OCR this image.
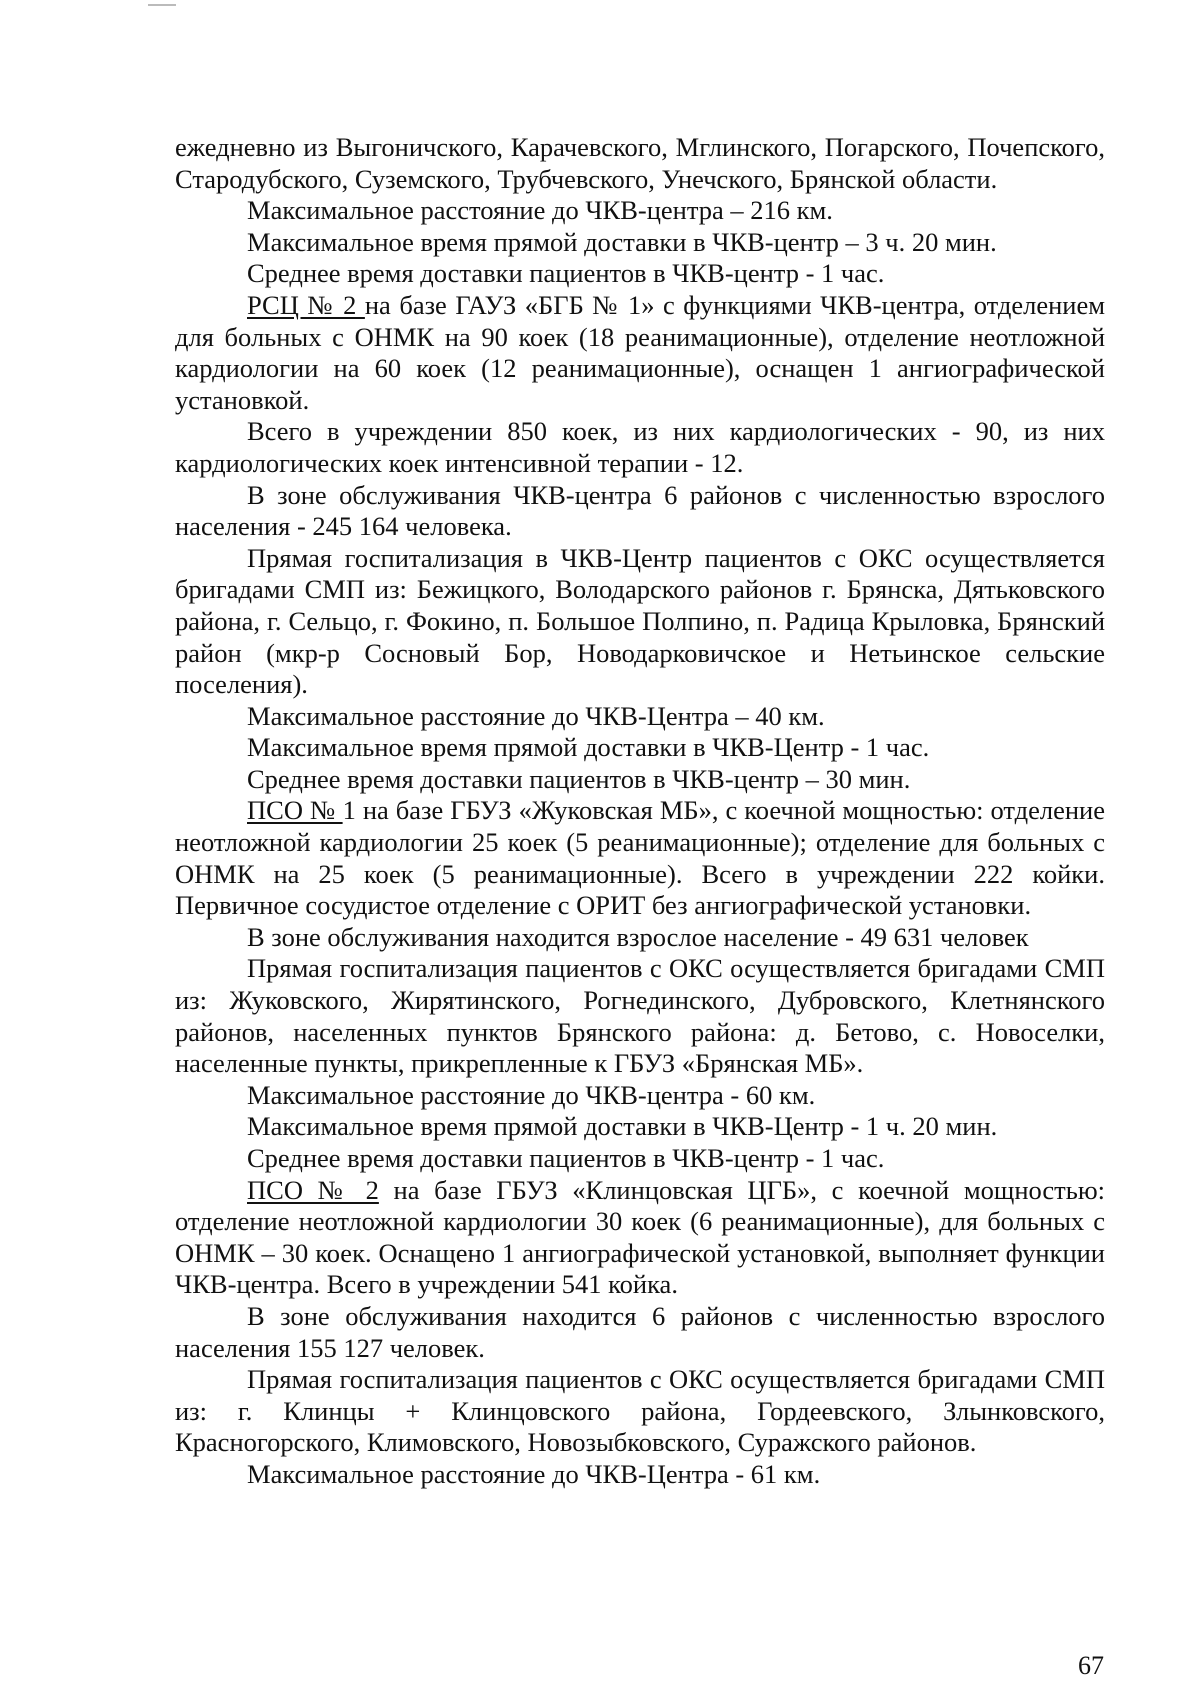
ежедневно из Выгоничского, Карачевского, Мглинского, Погарского, Почепского, Стародубского, Суземского, Трубчевского, Унечского, Брянской области.

Максимальное расстояние до ЧКВ-центра – 216 км.

Максимальное время прямой доставки в ЧКВ-центр – 3 ч. 20 мин.

Среднее время доставки пациентов в ЧКВ-центр - 1 час.

РСЦ № 2 на базе ГАУЗ «БГБ № 1» с функциями ЧКВ-центра, отделением для больных с ОНМК на 90 коек (18 реанимационные), отделение неотложной кардиологии на 60 коек (12 реанимационные), оснащен 1 ангиографической установкой.

Всего в учреждении 850 коек, из них кардиологических - 90, из них кардиологических коек интенсивной терапии - 12.

В зоне обслуживания ЧКВ-центра 6 районов с численностью взрослого населения - 245 164 человека.

Прямая госпитализация в ЧКВ-Центр пациентов с ОКС осуществляется бригадами СМП из: Бежицкого, Володарского районов г. Брянска, Дятьковского района, г. Сельцо, г. Фокино, п. Большое Полпино, п. Радица Крыловка, Брянский район (мкр-р Сосновый Бор, Новодарковичское и Нетьинское сельские поселения).

Максимальное расстояние до ЧКВ-Центра – 40 км.

Максимальное время прямой доставки в ЧКВ-Центр - 1 час.

Среднее время доставки пациентов в ЧКВ-центр – 30 мин.

ПСО № 1 на базе ГБУЗ «Жуковская МБ», с коечной мощностью: отделение неотложной кардиологии 25 коек (5 реанимационные); отделение для больных с ОНМК на 25 коек (5 реанимационные). Всего в учреждении 222 койки. Первичное сосудистое отделение с ОРИТ без ангиографической установки.

В зоне обслуживания находится взрослое население - 49 631 человек

Прямая госпитализация пациентов с ОКС осуществляется бригадами СМП из: Жуковского, Жирятинского, Рогнединского, Дубровского, Клетнянского районов, населенных пунктов Брянского района: д. Бетово, с. Новоселки, населенные пункты, прикрепленные к ГБУЗ «Брянская МБ».

Максимальное расстояние до ЧКВ-центра - 60 км.

Максимальное время прямой доставки в ЧКВ-Центр - 1 ч. 20 мин.

Среднее время доставки пациентов в ЧКВ-центр - 1 час.

ПСО № 2 на базе ГБУЗ «Клинцовская ЦГБ», с коечной мощностью: отделение неотложной кардиологии 30 коек (6 реанимационные), для больных с ОНМК – 30 коек. Оснащено 1 ангиографической установкой, выполняет функции ЧКВ-центра. Всего в учреждении 541 койка.

В зоне обслуживания находится 6 районов с численностью взрослого населения 155 127 человек.

Прямая госпитализация пациентов с ОКС осуществляется бригадами СМП из: г. Клинцы + Клинцовского района, Гордеевского, Злынковского, Красногорского, Климовского, Новозыбковского, Суражского районов.

Максимальное расстояние до ЧКВ-Центра - 61 км.

67
